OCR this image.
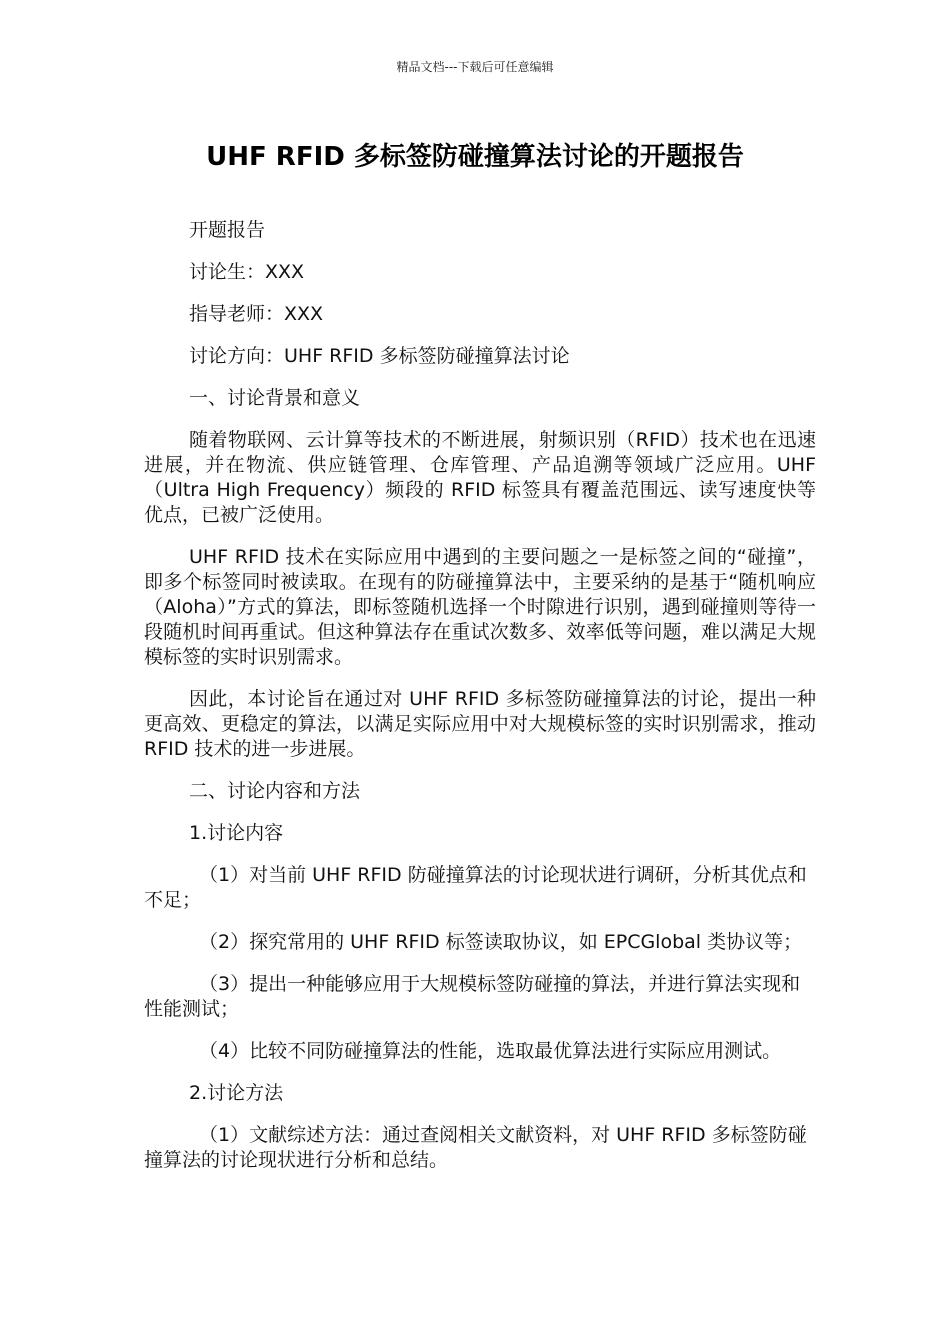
精品文档---下载后可任意编辑
UHF RFID 多标签防碰撞算法讨论的开题报告
开题报告
讨论生：XXX
指导老师：XXX
讨论方向：UHF RFID 多标签防碰撞算法讨论
一、讨论背景和意义

随着物联网、云计算等技术的不断进展，射频识别（RFID）技术也在迅速进展，并在物流、供应链管理、仓库管理、产品追溯等领域广泛应用。UHF（Ultra High Frequency）频段的 RFID 标签具有覆盖范围远、读写速度快等优点，已被广泛使用。

UHF RFID 技术在实际应用中遇到的主要问题之一是标签之间的“碰撞”，即多个标签同时被读取。在现有的防碰撞算法中，主要采纳的是基于“随机响应（Aloha）”方式的算法，即标签随机选择一个时隙进行识别，遇到碰撞则等待一段随机时间再重试。但这种算法存在重试次数多、效率低等问题，难以满足大规模标签的实时识别需求。

因此，本讨论旨在通过对 UHF RFID 多标签防碰撞算法的讨论，提出一种更高效、更稳定的算法，以满足实际应用中对大规模标签的实时识别需求，推动 RFID 技术的进一步进展。

二、讨论内容和方法
1.讨论内容

（1）对当前 UHF RFID 防碰撞算法的讨论现状进行调研，分析其优点和不足；

（2）探究常用的 UHF RFID 标签读取协议，如 EPCGlobal 类协议等；

（3）提出一种能够应用于大规模标签防碰撞的算法，并进行算法实现和性能测试；

（4）比较不同防碰撞算法的性能，选取最优算法进行实际应用测试。

2.讨论方法

（1）文献综述方法：通过查阅相关文献资料，对 UHF RFID 多标签防碰撞算法的讨论现状进行分析和总结。
